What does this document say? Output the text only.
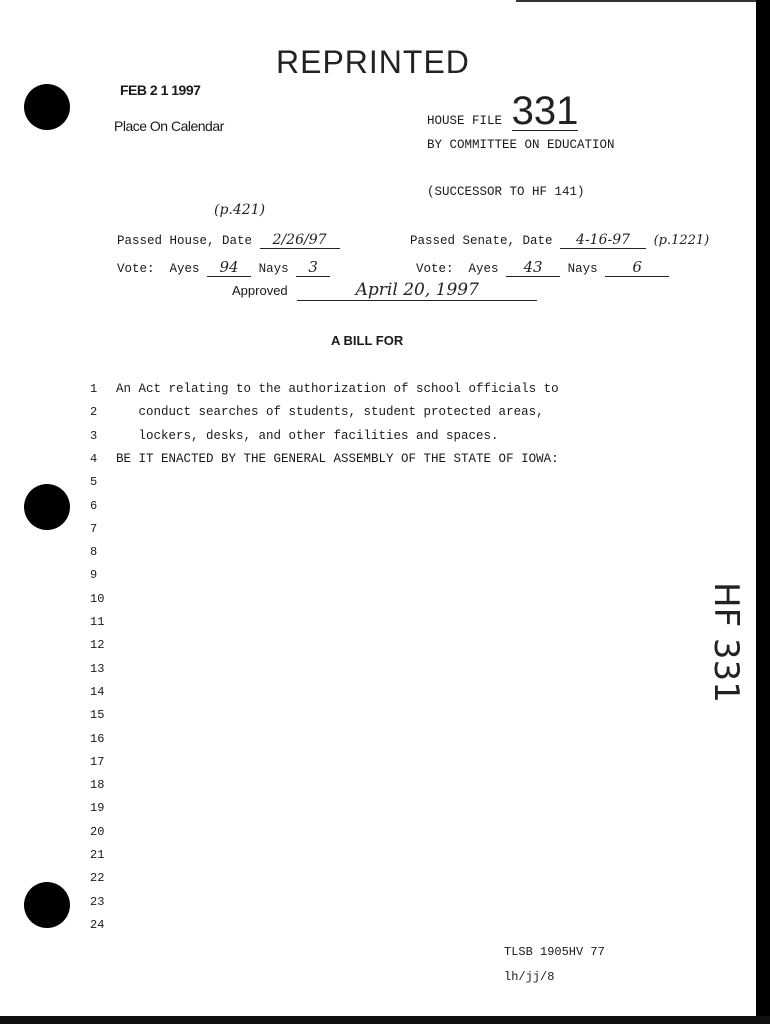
REPRINTED
FEB 2 1 1997
Place On Calendar	HOUSE FILE 331
BY COMMITTEE ON EDUCATION
(SUCCESSOR TO HF 141)
(p.421)
Passed House, Date 2/26/97	Passed Senate, Date 4-16-97 (p.1221)
Vote: Ayes 94 Nays 3	Vote: Ayes 43 Nays 6
Approved	April 20, 1997
A BILL FOR
1	An Act relating to the authorization of school officials to
2	conduct searches of students, student protected areas,
3	lockers, desks, and other facilities and spaces.
4	BE IT ENACTED BY THE GENERAL ASSEMBLY OF THE STATE OF IOWA:
5
6
7
8
9
10
11
12
13
14
15
16
17
18
19
20
21
22
23
24
HF 331
TLSB 1905HV 77
lh/jj/8
